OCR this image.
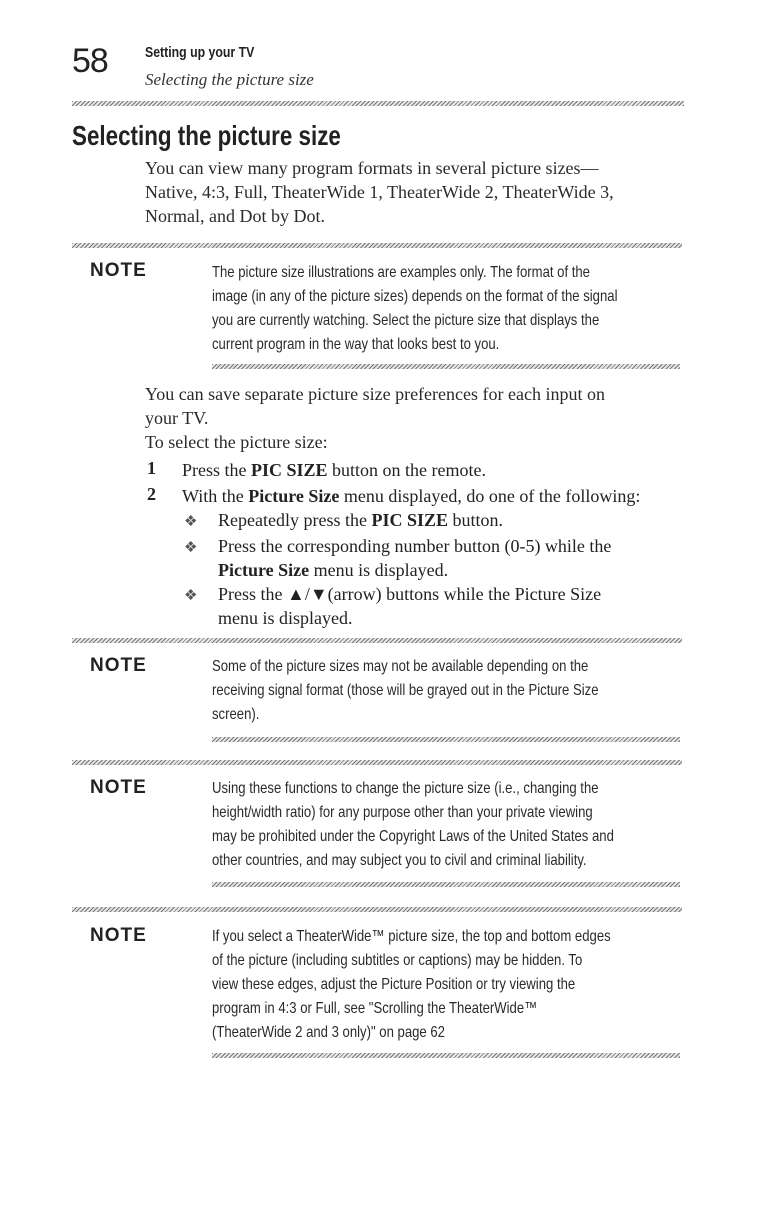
58 Setting up your TV
Selecting the picture size
Selecting the picture size
You can view many program formats in several picture sizes—
Native, 4:3, Full, TheaterWide 1, TheaterWide 2, TheaterWide 3,
Normal, and Dot by Dot.
NOTE	The picture size illustrations are examples only. The format of the
image (in any of the picture sizes) depends on the format of the signal
you are currently watching. Select the picture size that displays the
current program in the way that looks best to you.
You can save separate picture size preferences for each input on
your TV.
To select the picture size:
1 Press the PIC SIZE button on the remote.
2 With the Picture Size menu displayed, do one of the following:
❖ Repeatedly press the PIC SIZE button.
❖ Press the corresponding number button (0-5) while the
Picture Size menu is displayed.
❖ Press the ▲/▼(arrow) buttons while the Picture Size
menu is displayed.
NOTE	Some of the picture sizes may not be available depending on the
receiving signal format (those will be grayed out in the Picture Size
screen).
NOTE	Using these functions to change the picture size (i.e., changing the
height/width ratio) for any purpose other than your private viewing
may be prohibited under the Copyright Laws of the United States and
other countries, and may subject you to civil and criminal liability.
NOTE	If you select a TheaterWide™ picture size, the top and bottom edges
of the picture (including subtitles or captions) may be hidden. To
view these edges, adjust the Picture Position or try viewing the
program in 4:3 or Full, see "Scrolling the TheaterWide™
(TheaterWide 2 and 3 only)" on page 62
